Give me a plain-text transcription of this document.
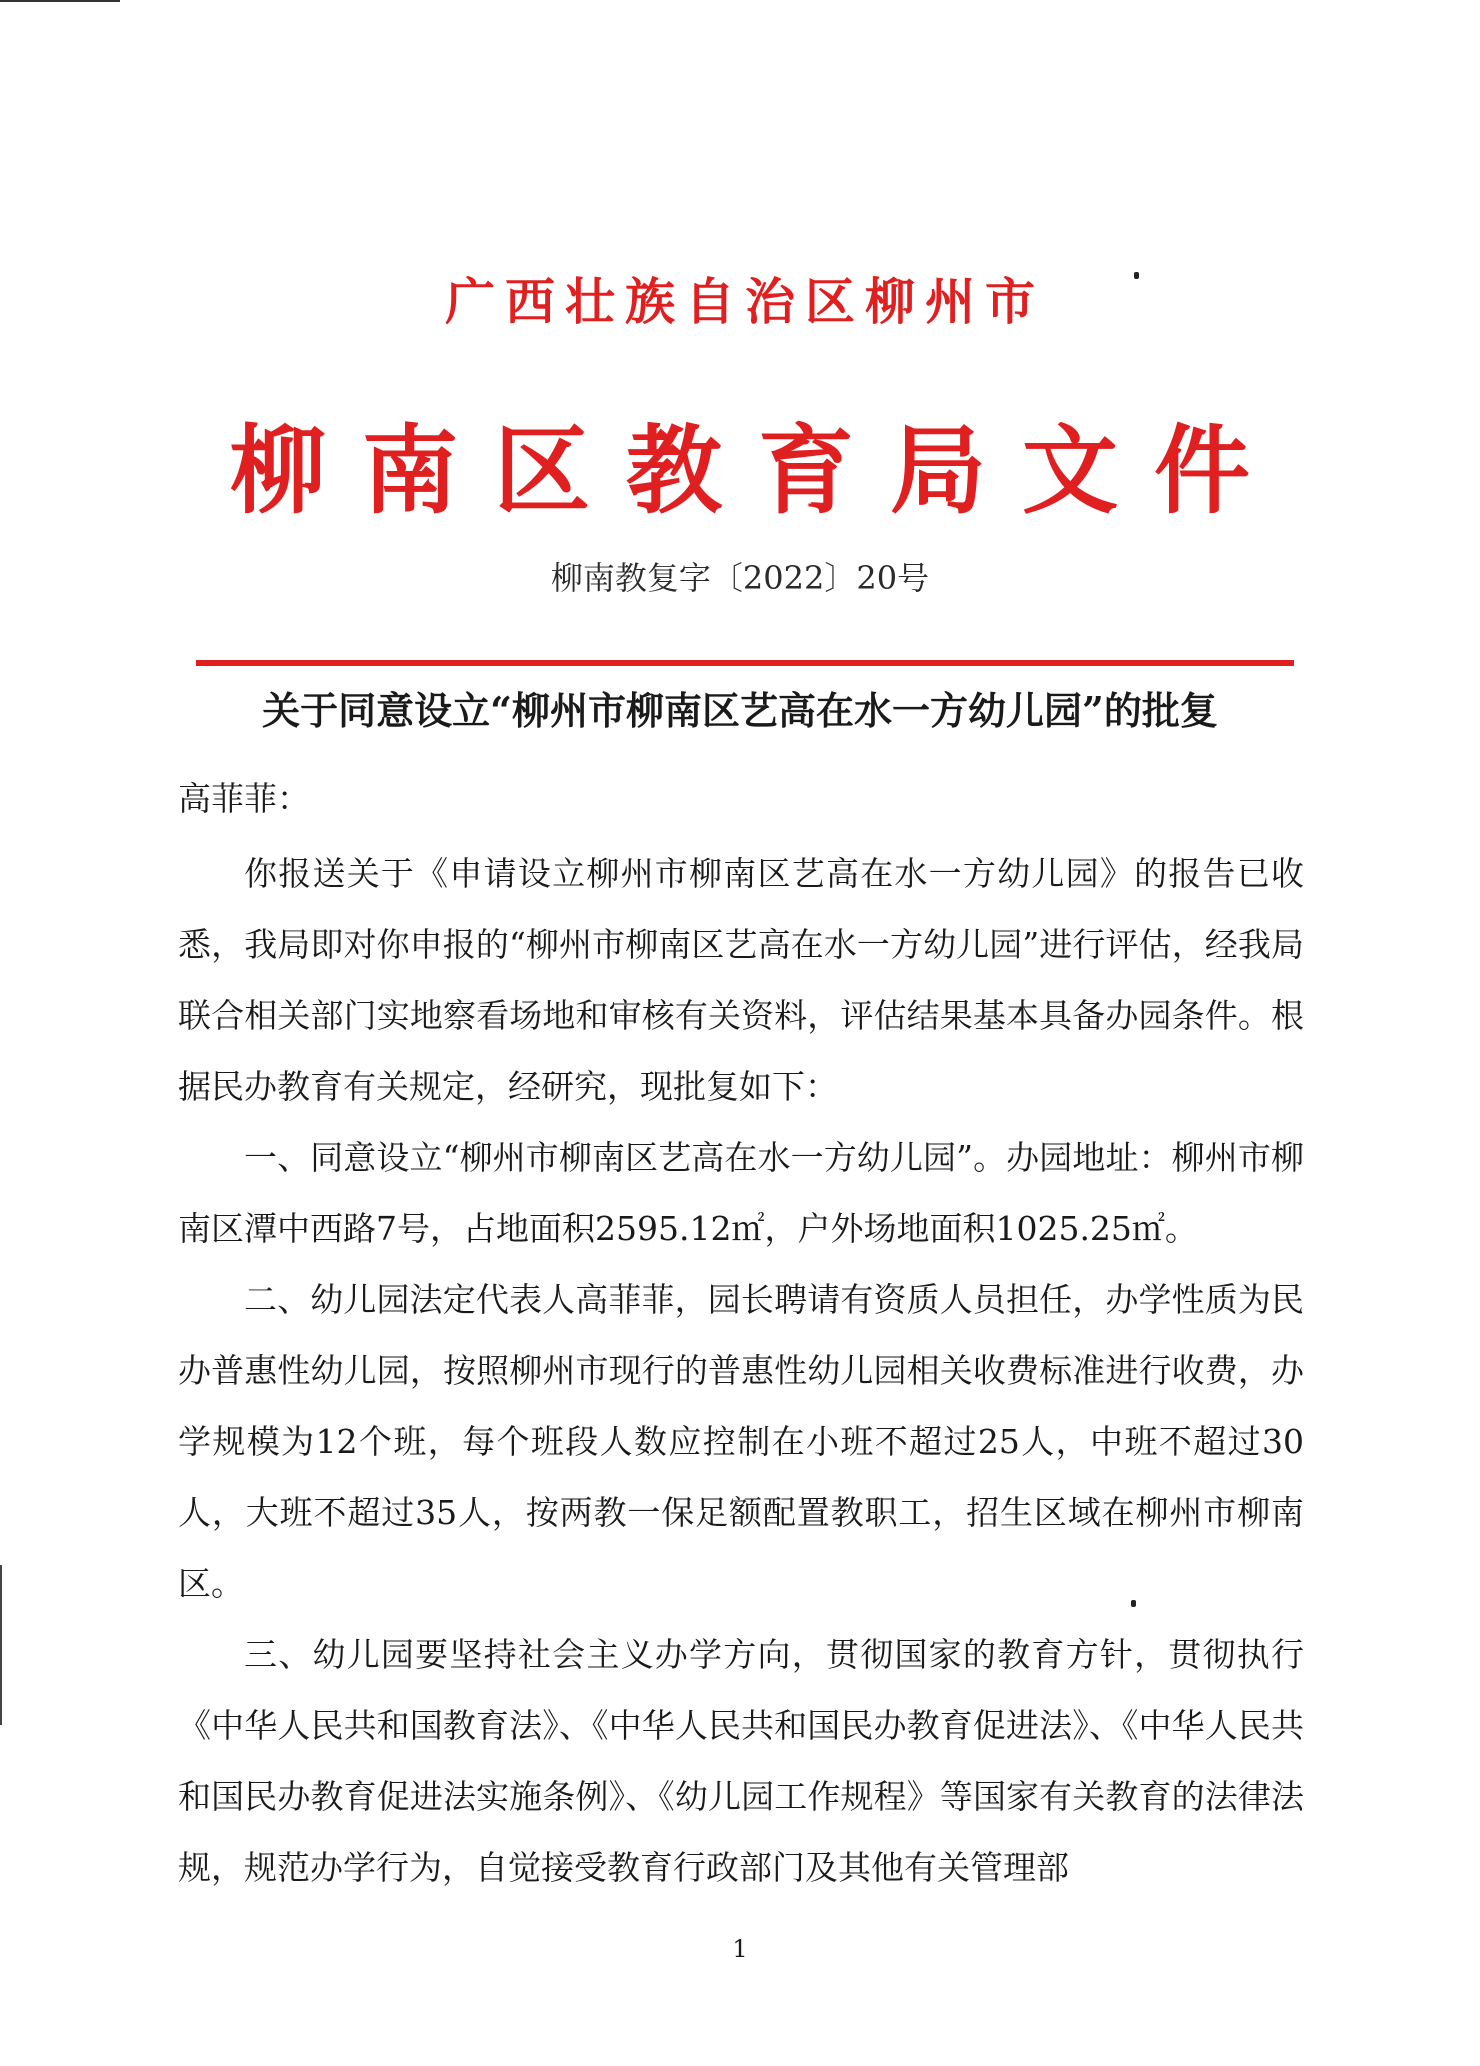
广西壮族自治区柳州市
柳南区教育局文件
柳南教复字〔2022〕20号
关于同意设立“柳州市柳南区艺高在水一方幼儿园”的批复
高菲菲：

你报送关于《申请设立柳州市柳南区艺高在水一方幼儿园》的报告已收悉，我局即对你申报的“柳州市柳南区艺高在水一方幼儿园”进行评估，经我局联合相关部门实地察看场地和审核有关资料，评估结果基本具备办园条件。根据民办教育有关规定，经研究，现批复如下：

一、同意设立“柳州市柳南区艺高在水一方幼儿园”。办园地址：柳州市柳南区潭中西路7号，占地面积2595.12㎡，户外场地面积1025.25㎡。

二、幼儿园法定代表人高菲菲，园长聘请有资质人员担任，办学性质为民办普惠性幼儿园，按照柳州市现行的普惠性幼儿园相关收费标准进行收费，办学规模为12个班，每个班段人数应控制在小班不超过25人，中班不超过30人，大班不超过35人，按两教一保足额配置教职工，招生区域在柳州市柳南区。

三、幼儿园要坚持社会主义办学方向，贯彻国家的教育方针，贯彻执行《中华人民共和国教育法》、《中华人民共和国民办教育促进法》、《中华人民共和国民办教育促进法实施条例》、《幼儿园工作规程》等国家有关教育的法律法规，规范办学行为，自觉接受教育行政部门及其他有关管理部

1
